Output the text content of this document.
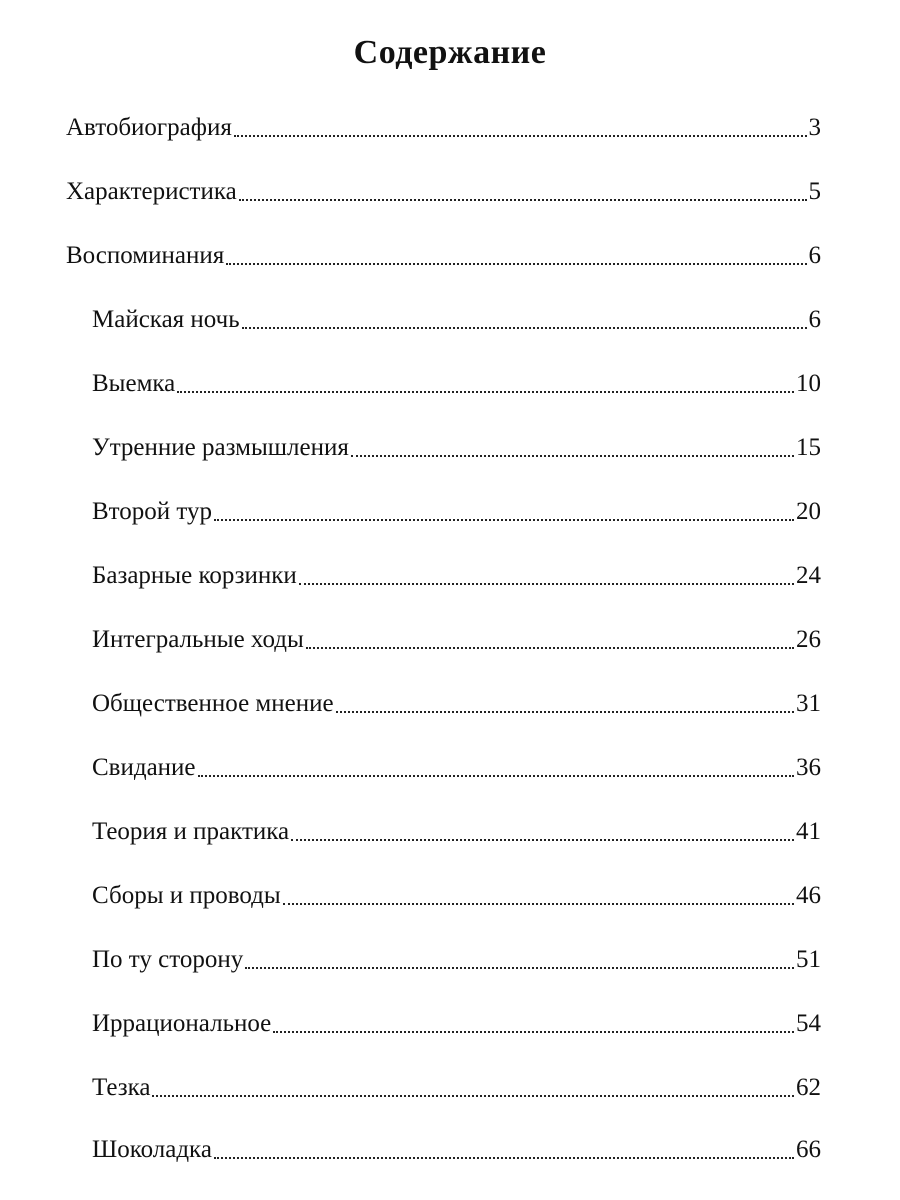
Содержание
Автобиография	3
Характеристика	5
Воспоминания	6
Майская ночь	6
Выемка	10
Утренние размышления	15
Второй тур	20
Базарные корзинки	24
Интегральные ходы	26
Общественное мнение	31
Свидание	36
Теория и практика	41
Сборы и проводы	46
По ту сторону	51
Иррациональное	54
Тезка	62
Шоколадка	66
